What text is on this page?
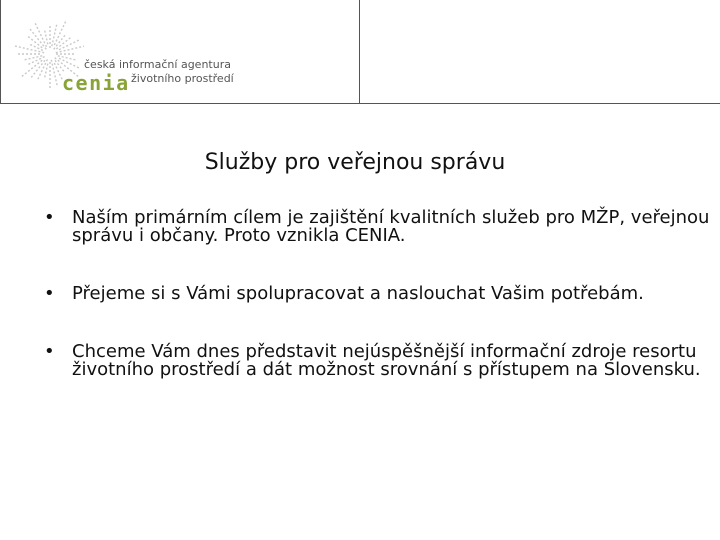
česká informační agentura
životního prostředí
cenia
Služby pro veřejnou správu
• Naším primárním cílem je zajištění kvalitních služeb pro MŽP, veřejnou správu i občany. Proto vznikla CENIA.
• Přejeme si s Vámi spolupracovat a naslouchat Vašim potřebám.
• Chceme Vám dnes představit nejúspěšnější informační zdroje resortu životního prostředí a dát možnost srovnání s přístupem na Slovensku.
